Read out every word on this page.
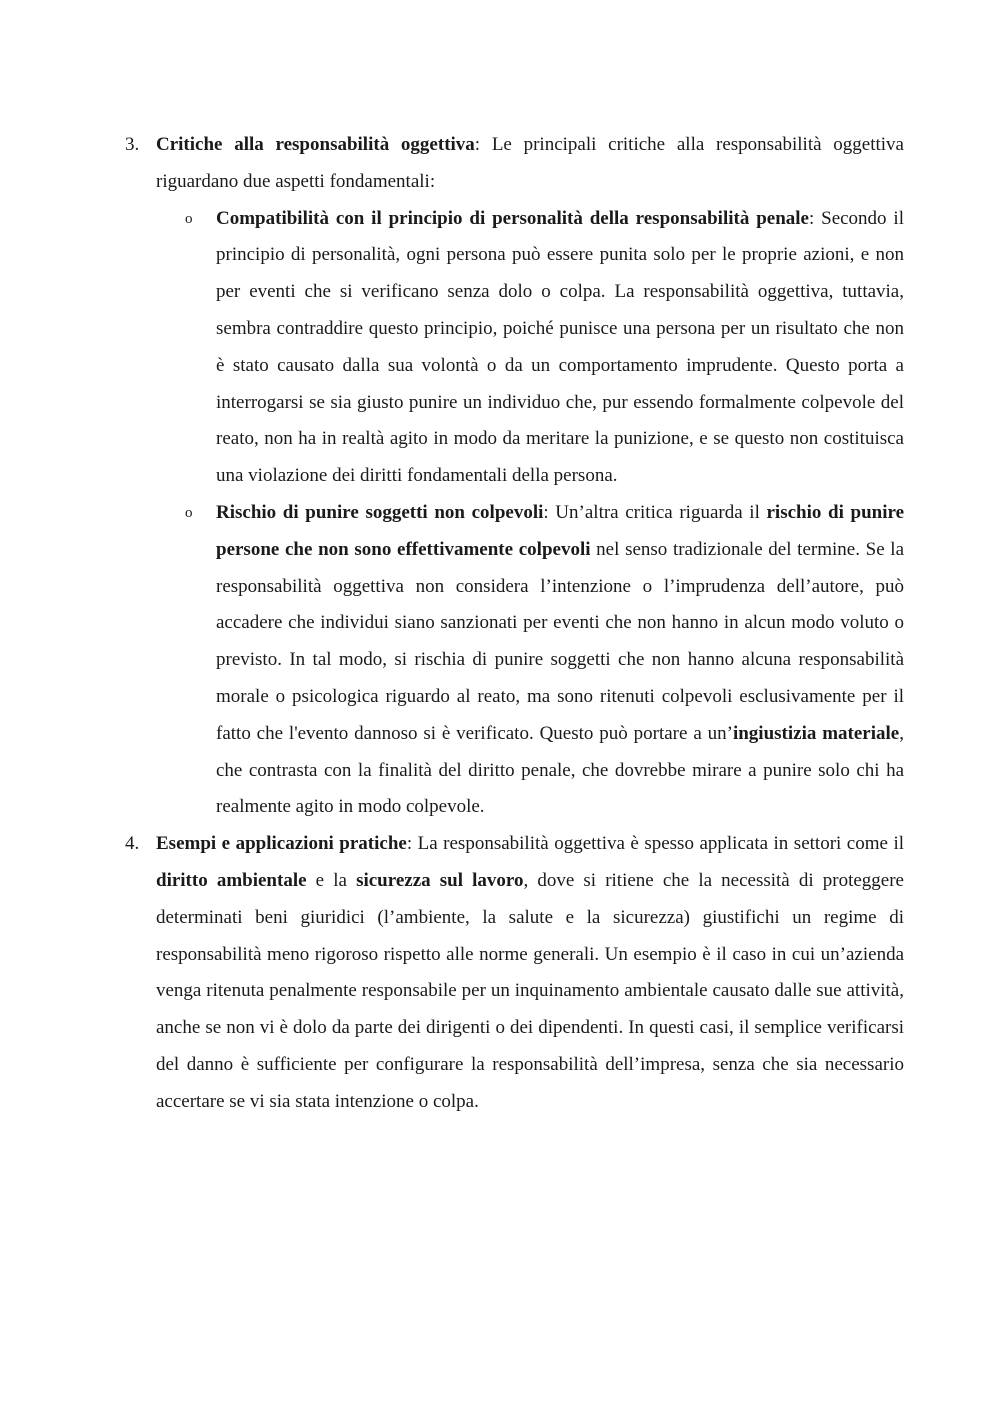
3. Critiche alla responsabilità oggettiva: Le principali critiche alla responsabilità oggettiva riguardano due aspetti fondamentali:

o Compatibilità con il principio di personalità della responsabilità penale: Secondo il principio di personalità, ogni persona può essere punita solo per le proprie azioni, e non per eventi che si verificano senza dolo o colpa. La responsabilità oggettiva, tuttavia, sembra contraddire questo principio, poiché punisce una persona per un risultato che non è stato causato dalla sua volontà o da un comportamento imprudente. Questo porta a interrogarsi se sia giusto punire un individuo che, pur essendo formalmente colpevole del reato, non ha in realtà agito in modo da meritare la punizione, e se questo non costituisca una violazione dei diritti fondamentali della persona.

o Rischio di punire soggetti non colpevoli: Un’altra critica riguarda il rischio di punire persone che non sono effettivamente colpevoli nel senso tradizionale del termine. Se la responsabilità oggettiva non considera l’intenzione o l’imprudenza dell’autore, può accadere che individui siano sanzionati per eventi che non hanno in alcun modo voluto o previsto. In tal modo, si rischia di punire soggetti che non hanno alcuna responsabilità morale o psicologica riguardo al reato, ma sono ritenuti colpevoli esclusivamente per il fatto che l'evento dannoso si è verificato. Questo può portare a un’ingiustizia materiale, che contrasta con la finalità del diritto penale, che dovrebbe mirare a punire solo chi ha realmente agito in modo colpevole.

4. Esempi e applicazioni pratiche: La responsabilità oggettiva è spesso applicata in settori come il diritto ambientale e la sicurezza sul lavoro, dove si ritiene che la necessità di proteggere determinati beni giuridici (l’ambiente, la salute e la sicurezza) giustifichi un regime di responsabilità meno rigoroso rispetto alle norme generali. Un esempio è il caso in cui un’azienda venga ritenuta penalmente responsabile per un inquinamento ambientale causato dalle sue attività, anche se non vi è dolo da parte dei dirigenti o dei dipendenti. In questi casi, il semplice verificarsi del danno è sufficiente per configurare la responsabilità dell’impresa, senza che sia necessario accertare se vi sia stata intenzione o colpa.
